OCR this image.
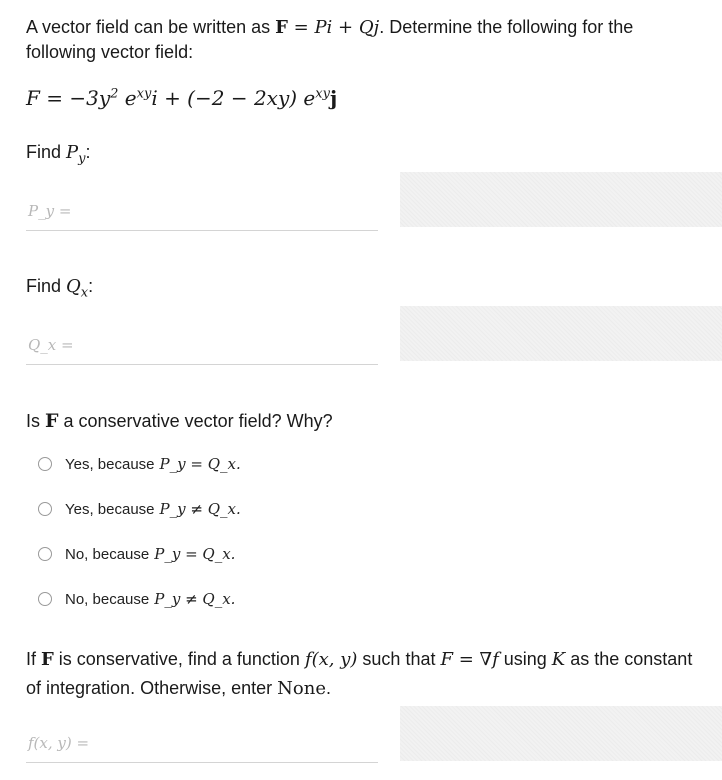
A vector field can be written as F = Pi + Qj. Determine the following for the following vector field:
$F = -3y^2$ $e^{xy}i + (-2 - 2xy)$ $e^{xy}j$
Find $P_y$:
P_y =
Find $Q_x$:
Q_x =
Is F a conservative vector field? Why?
Yes, because P_y = Q_x.
Yes, because P_y ≠ Q_x.
No, because P_y = Q_x.
No, because P_y ≠ Q_x.
If F is conservative, find a function f(x, y) such that F = ∇f using K as the constant of integration. Otherwise, enter None.
f(x, y) =
